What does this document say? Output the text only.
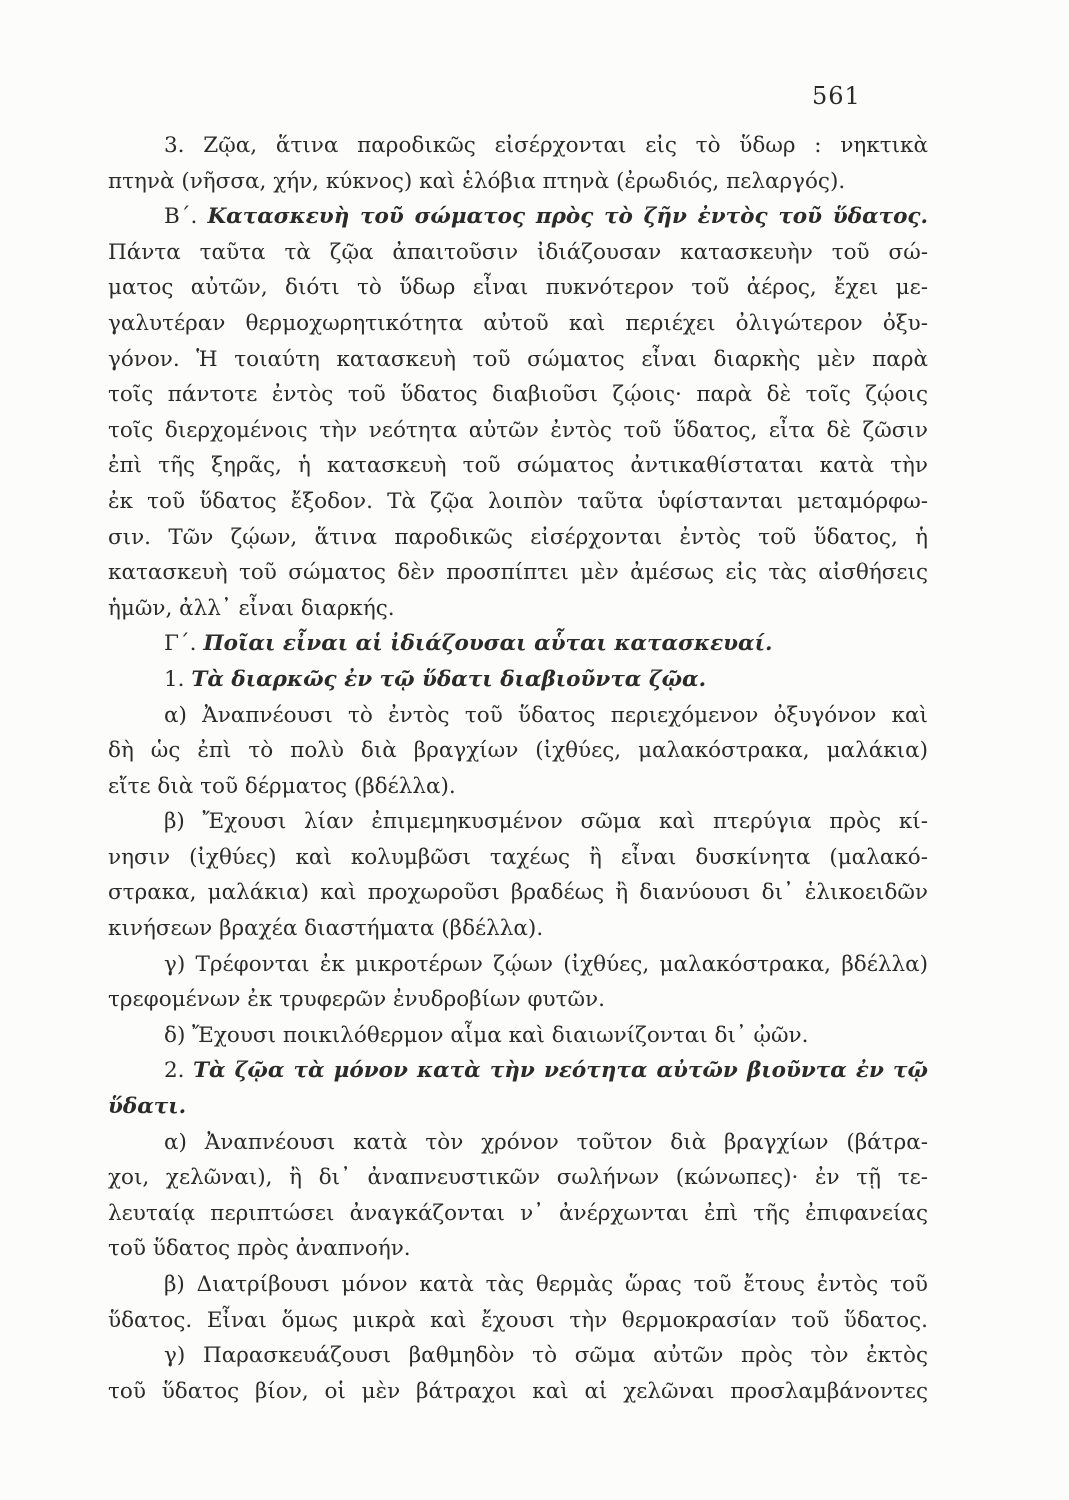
561
3. Ζῷα, ἅτινα παροδικῶς εἰσέρχονται εἰς τὸ ὕδωρ : νηκτικὰ
πτηνὰ (νῆσσα, χήν, κύκνος) καὶ ἑλόβια πτηνὰ (ἐρωδιός, πελαργός).
Β΄. Κατασκευὴ τοῦ σώματος πρὸς τὸ ζῆν ἐντὸς τοῦ ὕδατος.
Πάντα ταῦτα τὰ ζῷα ἀπαιτοῦσιν ἰδιάζουσαν κατασκευὴν τοῦ σώ-
ματος αὐτῶν, διότι τὸ ὕδωρ εἶναι πυκνότερον τοῦ ἀέρος, ἔχει με-
γαλυτέραν θερμοχωρητικότητα αὐτοῦ καὶ περιέχει ὀλιγώτερον ὀξυ-
γόνον. Ἡ τοιαύτη κατασκευὴ τοῦ σώματος εἶναι διαρκὴς μὲν παρὰ
τοῖς πάντοτε ἐντὸς τοῦ ὕδατος διαβιοῦσι ζῴοις· παρὰ δὲ τοῖς ζῴοις
τοῖς διερχομένοις τὴν νεότητα αὐτῶν ἐντὸς τοῦ ὕδατος, εἶτα δὲ ζῶσιν
ἐπὶ τῆς ξηρᾶς, ἡ κατασκευὴ τοῦ σώματος ἀντικαθίσταται κατὰ τὴν
ἐκ τοῦ ὕδατος ἔξοδον. Τὰ ζῷα λοιπὸν ταῦτα ὑφίστανται μεταμόρφω-
σιν. Τῶν ζῴων, ἅτινα παροδικῶς εἰσέρχονται ἐντὸς τοῦ ὕδατος, ἡ
κατασκευὴ τοῦ σώματος δὲν προσπίπτει μὲν ἀμέσως εἰς τὰς αἰσθήσεις
ἡμῶν, ἀλλ᾽ εἶναι διαρκής.
Γ΄. Ποῖαι εἶναι αἱ ἰδιάζουσαι αὗται κατασκευαί.
1. Τὰ διαρκῶς ἐν τῷ ὕδατι διαβιοῦντα ζῷα.
α) Ἀναπνέουσι τὸ ἐντὸς τοῦ ὕδατος περιεχόμενον ὀξυγόνον καὶ
δὴ ὡς ἐπὶ τὸ πολὺ διὰ βραγχίων (ἰχθύες, μαλακόστρακα, μαλάκια)
εἴτε διὰ τοῦ δέρματος (βδέλλα).
β) Ἔχουσι λίαν ἐπιμεμηκυσμένον σῶμα καὶ πτερύγια πρὸς κί-
νησιν (ἰχθύες) καὶ κολυμβῶσι ταχέως ἢ εἶναι δυσκίνητα (μαλακό-
στρακα, μαλάκια) καὶ προχωροῦσι βραδέως ἢ διανύουσι δι᾽ ἑλικοειδῶν
κινήσεων βραχέα διαστήματα (βδέλλα).
γ) Τρέφονται ἐκ μικροτέρων ζῴων (ἰχθύες, μαλακόστρακα, βδέλλα)
τρεφομένων ἐκ τρυφερῶν ἐνυδροβίων φυτῶν.
δ) Ἔχουσι ποικιλόθερμον αἷμα καὶ διαιωνίζονται δι᾽ ᾠῶν.
2. Τὰ ζῷα τὰ μόνον κατὰ τὴν νεότητα αὐτῶν βιοῦντα ἐν τῷ
ὕδατι.
α) Ἀναπνέουσι κατὰ τὸν χρόνον τοῦτον διὰ βραγχίων (βάτρα-
χοι, χελῶναι), ἢ δι᾽ ἀναπνευστικῶν σωλήνων (κώνωπες)· ἐν τῇ τε-
λευταίᾳ περιπτώσει ἀναγκάζονται ν᾽ ἀνέρχωνται ἐπὶ τῆς ἐπιφανείας
τοῦ ὕδατος πρὸς ἀναπνοήν.
β) Διατρίβουσι μόνον κατὰ τὰς θερμὰς ὥρας τοῦ ἔτους ἐντὸς τοῦ
ὕδατος. Εἶναι ὅμως μικρὰ καὶ ἔχουσι τὴν θερμοκρασίαν τοῦ ὕδατος.
γ) Παρασκευάζουσι βαθμηδὸν τὸ σῶμα αὐτῶν πρὸς τὸν ἐκτὸς
τοῦ ὕδατος βίον, οἱ μὲν βάτραχοι καὶ αἱ χελῶναι προσλαμβάνοντες
